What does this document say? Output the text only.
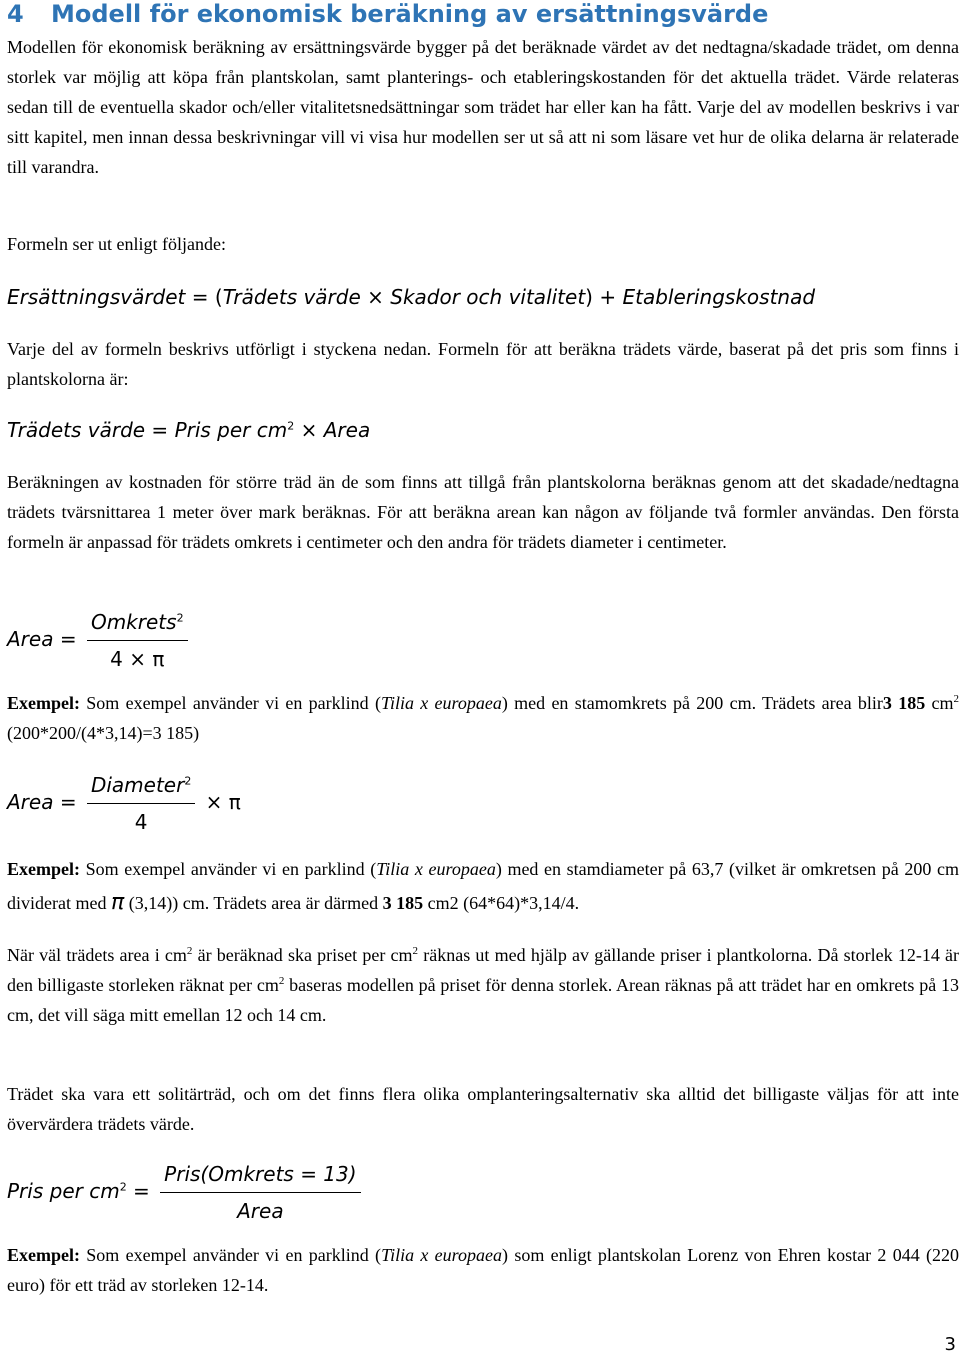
4 Modell för ekonomisk beräkning av ersättningsvärde

Modellen för ekonomisk beräkning av ersättningsvärde bygger på det beräknade värdet av det nedtagna/skadade trädet, om denna storlek var möjlig att köpa från plantskolan, samt planterings- och etableringskostanden för det aktuella trädet. Värde relateras sedan till de eventuella skador och/eller vitalitetsnedsättningar som trädet har eller kan ha fått. Varje del av modellen beskrivs i var sitt kapitel, men innan dessa beskrivningar vill vi visa hur modellen ser ut så att ni som läsare vet hur de olika delarna är relaterade till varandra.

Formeln ser ut enligt följande:

Ersättningsvärdet = (Trädets värde × Skador och vitalitet) + Etableringskostnad

Varje del av formeln beskrivs utförligt i styckena nedan. Formeln för att beräkna trädets värde, baserat på det pris som finns i plantskolorna är:

Trädets värde = Pris per $cm^2$ × Area

Beräkningen av kostnaden för större träd än de som finns att tillgå från plantskolorna beräknas genom att det skadade/nedtagna trädets tvärsnittarea 1 meter över mark beräknas. För att beräkna arean kan någon av följande två formler användas. Den första formeln är anpassad för trädets omkrets i centimeter och den andra för trädets diameter i centimeter.

Area = $\frac{Omkrets^2}{4 \times \pi}$

Exempel: Som exempel använder vi en parklind (Tilia x europaea) med en stamomkrets på 200 cm. Trädets area blir3 185 $cm^2$ (200*200/(4*3,14)=3 185)

Area = $\frac{Diameter^2}{4} \times \pi$

Exempel: Som exempel använder vi en parklind (Tilia x europaea) med en stamdiameter på 63,7 (vilket är omkretsen på 200 cm dividerat med π (3,14)) cm. Trädets area är därmed 3 185 cm2 (64*64)*3,14/4.

När väl trädets area i $cm^2$ är beräknad ska priset per $cm^2$ räknas ut med hjälp av gällande priser i plantkolorna. Då storlek 12-14 är den billigaste storleken räknat per $cm^2$ baseras modellen på priset för denna storlek. Arean räknas på att trädet har en omkrets på 13 cm, det vill säga mitt emellan 12 och 14 cm.

Trädet ska vara ett solitärträd, och om det finns flera olika omplanteringsalternativ ska alltid det billigaste väljas för att inte övervärdera trädets värde.

Pris per $cm^2 = \frac{\text{Pris(Omkrets = 13)}}{\text{Area}}$

Exempel: Som exempel använder vi en parklind (Tilia x europaea) som enligt plantskolan Lorenz von Ehren kostar 2 044 (220 euro) för ett träd av storleken 12-14.

3
